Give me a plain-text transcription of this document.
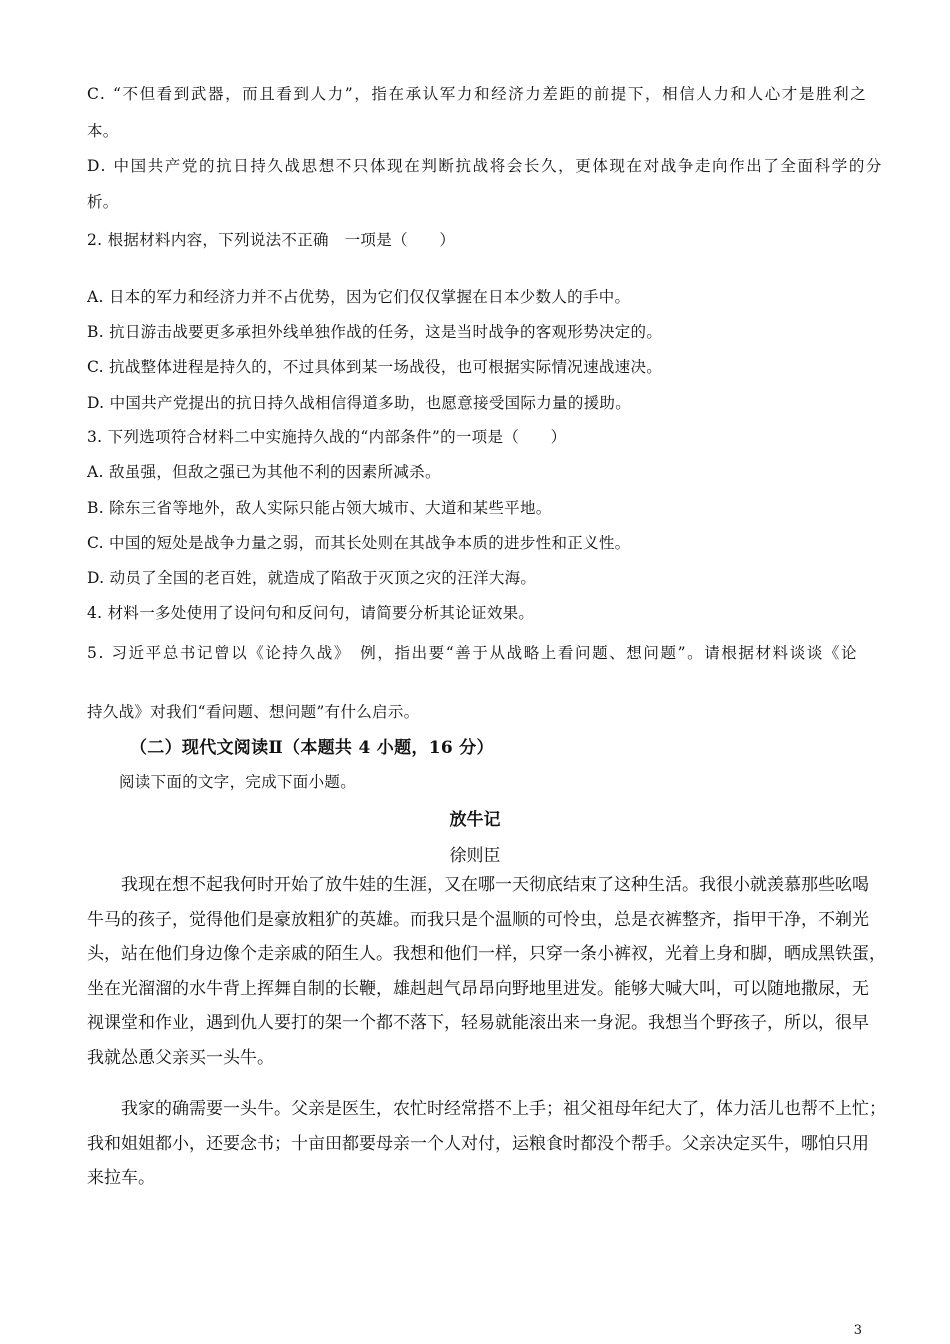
C. “不但看到武器，而且看到人力”，指在承认军力和经济力差距的前提下，相信人力和人心才是胜利之
本。
D. 中国共产党的抗日持久战思想不只体现在判断抗战将会长久，更体现在对战争走向作出了全面科学的分
析。
2. 根据材料内容，下列说法不正确　一项是（　　）
A. 日本的军力和经济力并不占优势，因为它们仅仅掌握在日本少数人的手中。
B. 抗日游击战要更多承担外线单独作战的任务，这是当时战争的客观形势决定的。
C. 抗战整体进程是持久的，不过具体到某一场战役，也可根据实际情况速战速决。
D. 中国共产党提出的抗日持久战相信得道多助，也愿意接受国际力量的援助。
3. 下列选项符合材料二中实施持久战的“内部条件”的一项是（　　）
A. 敌虽强，但敌之强已为其他不利的因素所减杀。
B. 除东三省等地外，敌人实际只能占领大城市、大道和某些平地。
C. 中国的短处是战争力量之弱，而其长处则在其战争本质的进步性和正义性。
D. 动员了全国的老百姓，就造成了陷敌于灭顶之灾的汪洋大海。
4. 材料一多处使用了设问句和反问句，请简要分析其论证效果。
5. 习近平总书记曾以《论持久战》　例，指出要“善于从战略上看问题、想问题”。请根据材料谈谈《论
持久战》对我们“看问题、想问题”有什么启示。
（二）现代文阅读Ⅱ（本题共 4 小题，16 分）
阅读下面的文字，完成下面小题。
放牛记
徐则臣
我现在想不起我何时开始了放牛娃的生涯，又在哪一天彻底结束了这种生活。我很小就羡慕那些吆喝
牛马的孩子，觉得他们是豪放粗犷的英雄。而我只是个温顺的可怜虫，总是衣裤整齐，指甲干净，不剃光
头，站在他们身边像个走亲戚的陌生人。我想和他们一样，只穿一条小裤衩，光着上身和脚，晒成黑铁蛋，
坐在光溜溜的水牛背上挥舞自制的长鞭，雄赳赳气昂昂向野地里进发。能够大喊大叫，可以随地撒尿，无
视课堂和作业，遇到仇人要打的架一个都不落下，轻易就能滚出来一身泥。我想当个野孩子，所以，很早
我就怂恿父亲买一头牛。
我家的确需要一头牛。父亲是医生，农忙时经常搭不上手；祖父祖母年纪大了，体力活儿也帮不上忙；
我和姐姐都小，还要念书；十亩田都要母亲一个人对付，运粮食时都没个帮手。父亲决定买牛，哪怕只用
来拉车。
3
